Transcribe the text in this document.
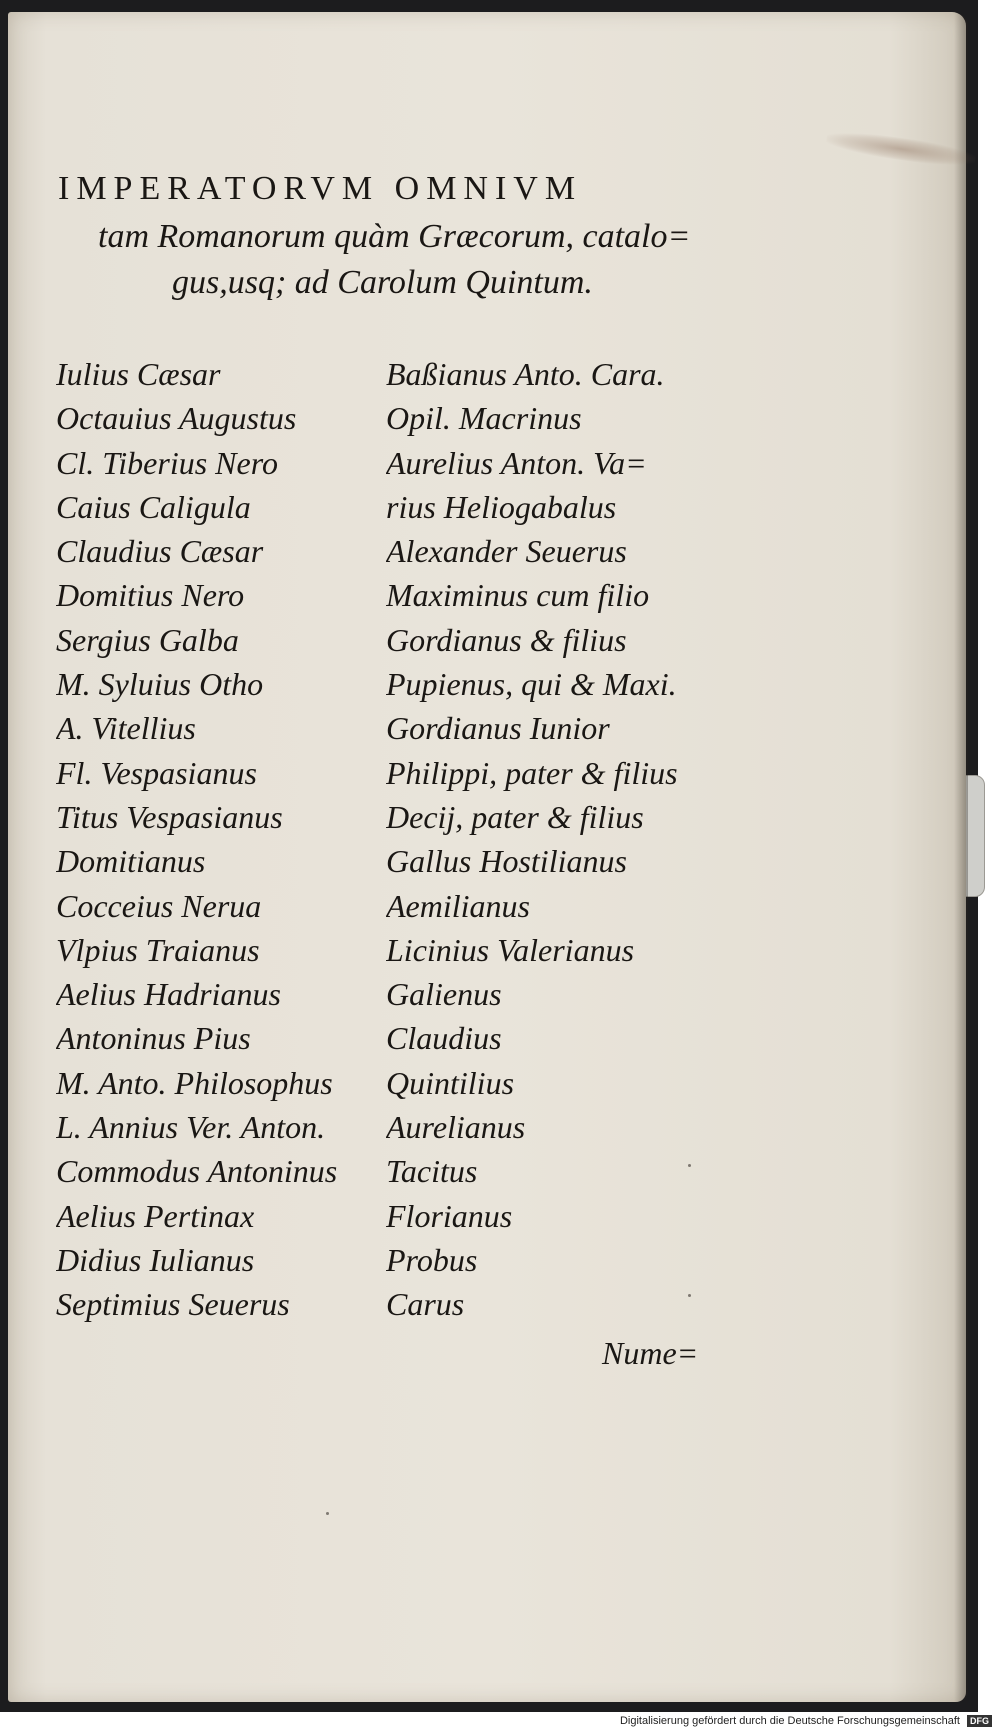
IMPERATORVM OMNIVM
tam Romanorum quàm Græcorum, catalo=
gus,usq; ad Carolum Quintum.
Iulius Cæsar
Octauius Augustus
Cl. Tiberius Nero
Caius Caligula
Claudius Cæsar
Domitius Nero
Sergius Galba
M. Syluius Otho
A. Vitellius
Fl. Vespasianus
Titus Vespasianus
Domitianus
Cocceius Nerua
Vlpius Traianus
Aelius Hadrianus
Antoninus Pius
M. Anto. Philosophus
L. Annius Ver. Anton.
Commodus Antoninus
Aelius Pertinax
Didius Iulianus
Septimius Seuerus
Baßianus Anto. Cara.
Opil. Macrinus
Aurelius Anton. Va=
rius Heliogabalus
Alexander Seuerus
Maximinus cum filio
Gordianus & filius
Pupienus, qui & Maxi.
Gordianus Iunior
Philippi, pater & filius
Decij, pater & filius
Gallus Hostilianus
Aemilianus
Licinius Valerianus
Galienus
Claudius
Quintilius
Aurelianus
Tacitus
Florianus
Probus
Carus
Nume=
Digitalisierung gefördert durch die Deutsche Forschungsgemeinschaft DFG
